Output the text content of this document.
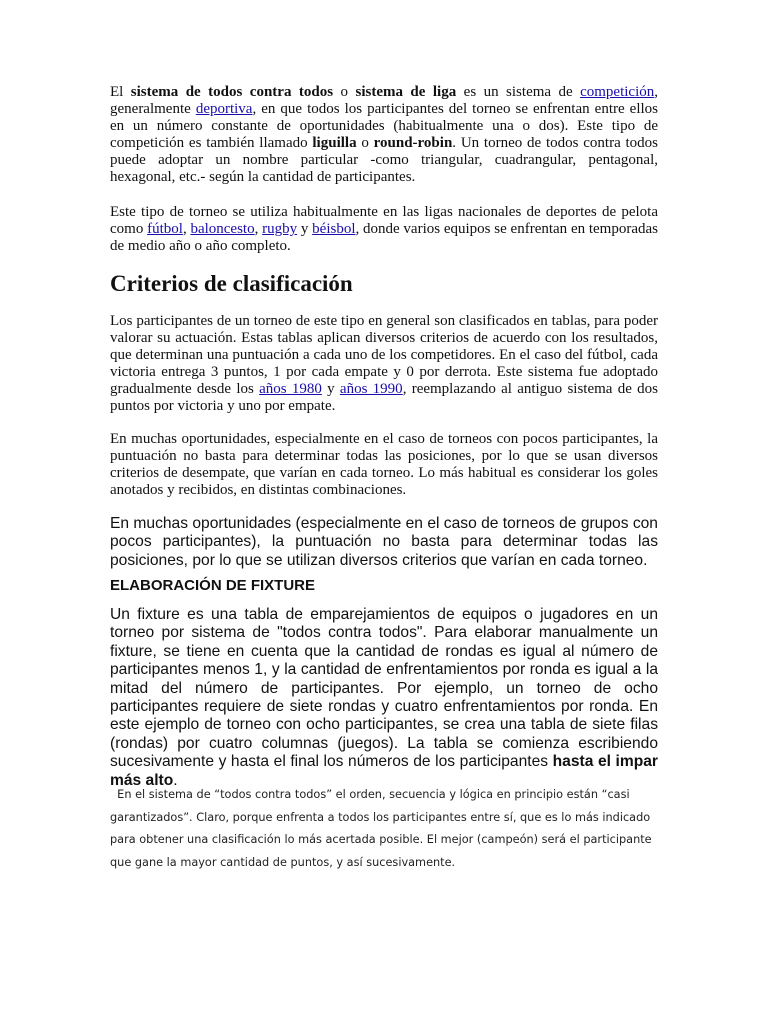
El sistema de todos contra todos o sistema de liga es un sistema de competición, generalmente deportiva, en que todos los participantes del torneo se enfrentan entre ellos en un número constante de oportunidades (habitualmente una o dos). Este tipo de competición es también llamado liguilla o round-robin. Un torneo de todos contra todos puede adoptar un nombre particular -como triangular, cuadrangular, pentagonal, hexagonal, etc.- según la cantidad de participantes.

Este tipo de torneo se utiliza habitualmente en las ligas nacionales de deportes de pelota como fútbol, baloncesto, rugby y béisbol, donde varios equipos se enfrentan en temporadas de medio año o año completo.

Criterios de clasificación

Los participantes de un torneo de este tipo en general son clasificados en tablas, para poder valorar su actuación. Estas tablas aplican diversos criterios de acuerdo con los resultados, que determinan una puntuación a cada uno de los competidores. En el caso del fútbol, cada victoria entrega 3 puntos, 1 por cada empate y 0 por derrota. Este sistema fue adoptado gradualmente desde los años 1980 y años 1990, reemplazando al antiguo sistema de dos puntos por victoria y uno por empate.

En muchas oportunidades, especialmente en el caso de torneos con pocos participantes, la puntuación no basta para determinar todas las posiciones, por lo que se usan diversos criterios de desempate, que varían en cada torneo. Lo más habitual es considerar los goles anotados y recibidos, en distintas combinaciones.

En muchas oportunidades (especialmente en el caso de torneos de grupos con pocos participantes), la puntuación no basta para determinar todas las posiciones, por lo que se utilizan diversos criterios que varían en cada torneo.

ELABORACIÓN DE FIXTURE

Un fixture es una tabla de emparejamientos de equipos o jugadores en un torneo por sistema de "todos contra todos". Para elaborar manualmente un fixture, se tiene en cuenta que la cantidad de rondas es igual al número de participantes menos 1, y la cantidad de enfrentamientos por ronda es igual a la mitad del número de participantes. Por ejemplo, un torneo de ocho participantes requiere de siete rondas y cuatro enfrentamientos por ronda. En este ejemplo de torneo con ocho participantes, se crea una tabla de siete filas (rondas) por cuatro columnas (juegos). La tabla se comienza escribiendo sucesivamente y hasta el final los números de los participantes hasta el impar más alto.

En el sistema de “todos contra todos” el orden, secuencia y lógica en principio están “casi
garantizados”. Claro, porque enfrenta a todos los participantes entre sí, que es lo más indicado
para obtener una clasificación lo más acertada posible. El mejor (campeón) será el participante
que gane la mayor cantidad de puntos, y así sucesivamente.
